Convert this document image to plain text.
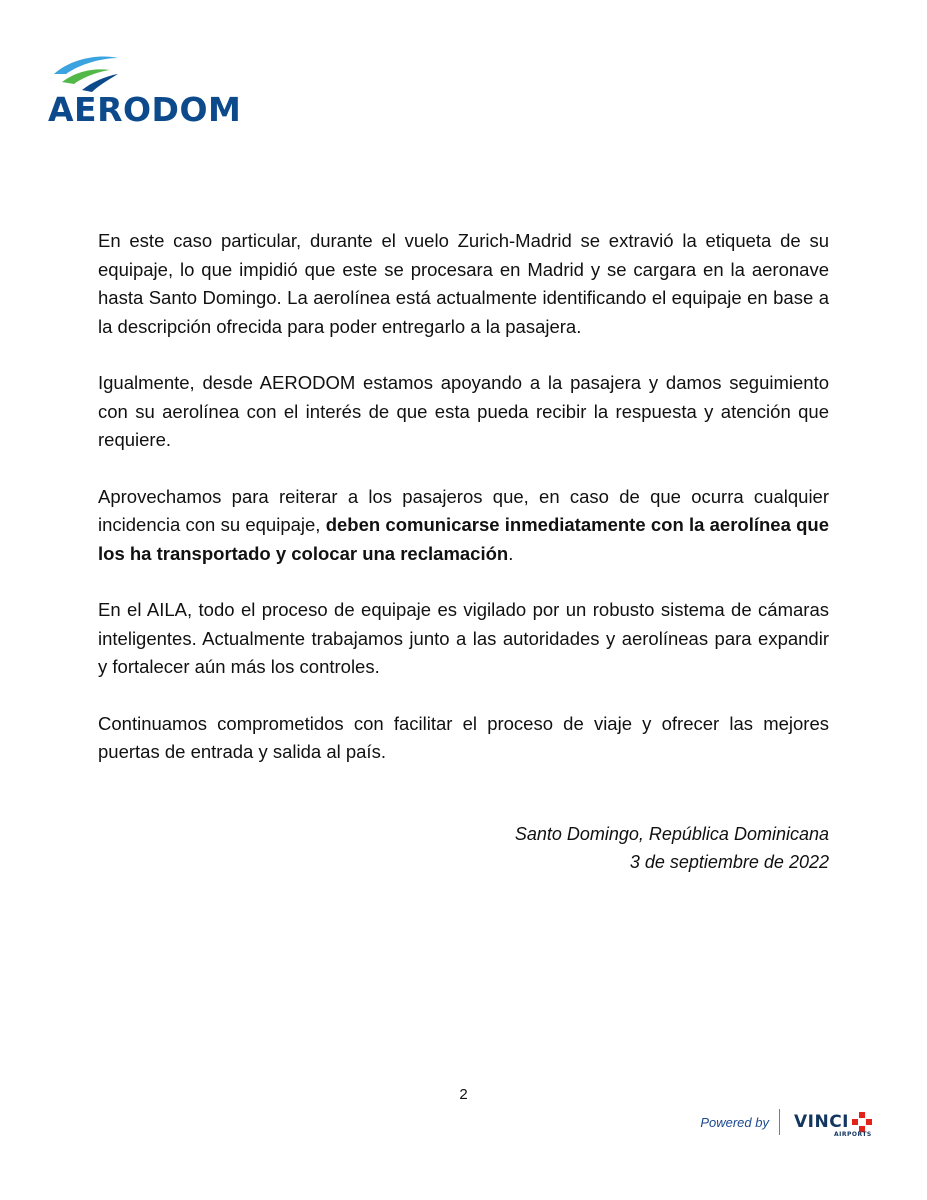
AERODOM

En este caso particular, durante el vuelo Zurich-Madrid se extravió la etiqueta de su equipaje, lo que impidió que este se procesara en Madrid y se cargara en la aeronave hasta Santo Domingo. La aerolínea está actualmente identificando el equipaje en base a la descripción ofrecida para poder entregarlo a la pasajera.

Igualmente, desde AERODOM estamos apoyando a la pasajera y damos seguimiento con su aerolínea con el interés de que esta pueda recibir la respuesta y atención que requiere.

Aprovechamos para reiterar a los pasajeros que, en caso de que ocurra cualquier incidencia con su equipaje, deben comunicarse inmediatamente con la aerolínea que los ha transportado y colocar una reclamación.

En el AILA, todo el proceso de equipaje es vigilado por un robusto sistema de cámaras inteligentes. Actualmente trabajamos junto a las autoridades y aerolíneas para expandir y fortalecer aún más los controles.

Continuamos comprometidos con facilitar el proceso de viaje y ofrecer las mejores puertas de entrada y salida al país.

Santo Domingo, República Dominicana
3 de septiembre de 2022
2
Powered by VINCI
AIRPORTS
